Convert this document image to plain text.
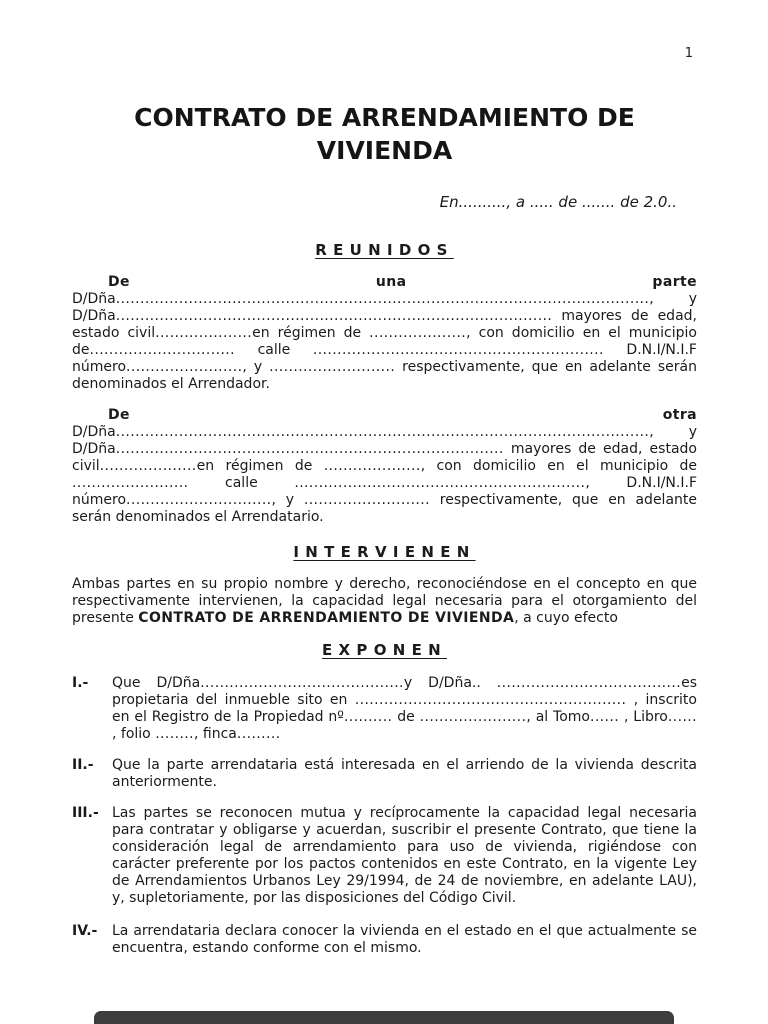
1
CONTRATO DE ARRENDAMIENTO DE
VIVIENDA
En.........., a ..... de ....... de 2.0..
REUNIDOS

De una parte D/Dña.............................................................................................................., y D/Dña.......................................................................................... mayores de edad, estado civil....................en régimen de ...................., con domicilio en el municipio de.............................. calle ............................................................ D.N.I/N.I.F número........................, y .......................... respectivamente, que en adelante serán denominados el Arrendador.

De otra D/Dña.............................................................................................................., y D/Dña................................................................................ mayores de edad, estado civil....................en régimen de ...................., con domicilio en el municipio de ........................ calle ............................................................, D.N.I/N.I.F número.............................., y .......................... respectivamente, que en adelante serán denominados el Arrendatario.

INTERVIENEN

Ambas partes en su propio nombre y derecho, reconociéndose en el concepto en que respectivamente intervienen, la capacidad legal necesaria para el otorgamiento del presente CONTRATO DE ARRENDAMIENTO DE VIVIENDA, a cuyo efecto

EXPONEN
I.-	Que D/Dña..........................................y D/Dña.. ......................................es propietaria del inmueble sito en ........................................................ , inscrito en el Registro de la Propiedad nº.......... de ......................, al Tomo...... , Libro...... , folio ........, finca.........
II.-	Que la parte arrendataria está interesada en el arriendo de la vivienda descrita anteriormente.
III.- Las partes se reconocen mutua y recíprocamente la capacidad legal necesaria para contratar y obligarse y acuerdan, suscribir el presente Contrato, que tiene la consideración legal de arrendamiento para uso de vivienda, rigiéndose con carácter preferente por los pactos contenidos en este Contrato, en la vigente Ley de Arrendamientos Urbanos Ley 29/1994, de 24 de noviembre, en adelante LAU), y, supletoriamente, por las disposiciones del Código Civil.
IV.-	La arrendataria declara conocer la vivienda en el estado en el que actualmente se encuentra, estando conforme con el mismo.
